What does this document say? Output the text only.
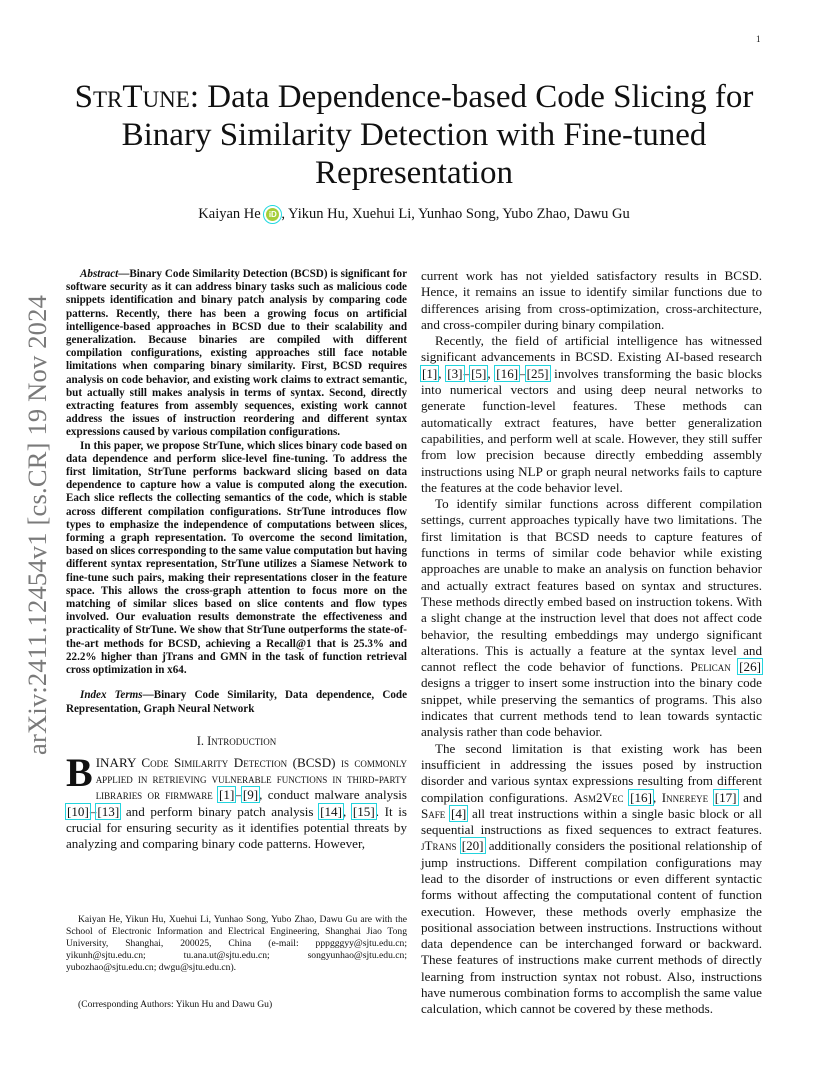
1
arXiv:2411.12454v1 [cs.CR] 19 Nov 2024
StrTune: Data Dependence-based Code Slicing for Binary Similarity Detection with Fine-tuned Representation
Kaiyan He iD , Yikun Hu, Xuehui Li, Yunhao Song, Yubo Zhao, Dawu Gu

Abstract—Binary Code Similarity Detection (BCSD) is significant for software security as it can address binary tasks such as malicious code snippets identification and binary patch analysis by comparing code patterns. Recently, there has been a growing focus on artificial intelligence-based approaches in BCSD due to their scalability and generalization. Because binaries are compiled with different compilation configurations, existing approaches still face notable limitations when comparing binary similarity. First, BCSD requires analysis on code behavior, and existing work claims to extract semantic, but actually still makes analysis in terms of syntax. Second, directly extracting features from assembly sequences, existing work cannot address the issues of instruction reordering and different syntax expressions caused by various compilation configurations.

In this paper, we propose StrTune, which slices binary code based on data dependence and perform slice-level fine-tuning. To address the first limitation, StrTune performs backward slicing based on data dependence to capture how a value is computed along the execution. Each slice reflects the collecting semantics of the code, which is stable across different compilation configurations. StrTune introduces flow types to emphasize the independence of computations between slices, forming a graph representation. To overcome the second limitation, based on slices corresponding to the same value computation but having different syntax representation, StrTune utilizes a Siamese Network to fine-tune such pairs, making their representations closer in the feature space. This allows the cross-graph attention to focus more on the matching of similar slices based on slice contents and flow types involved. Our evaluation results demonstrate the effectiveness and practicality of StrTune. We show that StrTune outperforms the state-of-the-art methods for BCSD, achieving a Recall@1 that is 25.3% and 22.2% higher than jTrans and GMN in the task of function retrieval cross optimization in x64.

Index Terms—Binary Code Similarity, Data dependence, Code Representation, Graph Neural Network
I. Introduction
BINARY Code Similarity Detection (BCSD) is commonly applied in retrieving vulnerable functions in third-party libraries or firmware [1]–[9], conduct malware analysis [10]–[13] and perform binary patch analysis [14], [15]. It is crucial for ensuring security as it identifies potential threats by analyzing and comparing binary code patterns. However,

Kaiyan He, Yikun Hu, Xuehui Li, Yunhao Song, Yubo Zhao, Dawu Gu are with the School of Electronic Information and Electrical Engineering, Shanghai Jiao Tong University, Shanghai, 200025, China (e-mail: pppgggyy@sjtu.edu.cn; yikunh@sjtu.edu.cn; tu.ana.ut@sjtu.edu.cn; songyunhao@sjtu.edu.cn; yubozhao@sjtu.edu.cn; dwgu@sjtu.edu.cn).

(Corresponding Authors: Yikun Hu and Dawu Gu)

current work has not yielded satisfactory results in BCSD. Hence, it remains an issue to identify similar functions due to differences arising from cross-optimization, cross-architecture, and cross-compiler during binary compilation.

Recently, the field of artificial intelligence has witnessed significant advancements in BCSD. Existing AI-based research [1], [3]–[5], [16]–[25] involves transforming the basic blocks into numerical vectors and using deep neural networks to generate function-level features. These methods can automatically extract features, have better generalization capabilities, and perform well at scale. However, they still suffer from low precision because directly embedding assembly instructions using NLP or graph neural networks fails to capture the features at the code behavior level.

To identify similar functions across different compilation settings, current approaches typically have two limitations. The first limitation is that BCSD needs to capture features of functions in terms of similar code behavior while existing approaches are unable to make an analysis on function behavior and actually extract features based on syntax and structures. These methods directly embed based on instruction tokens. With a slight change at the instruction level that does not affect code behavior, the resulting embeddings may undergo significant alterations. This is actually a feature at the syntax level and cannot reflect the code behavior of functions. Pelican [26] designs a trigger to insert some instruction into the binary code snippet, while preserving the semantics of programs. This also indicates that current methods tend to lean towards syntactic analysis rather than code behavior.

The second limitation is that existing work has been insufficient in addressing the issues posed by instruction disorder and various syntax expressions resulting from different compilation configurations. Asm2Vec [16], Innereye [17] and Safe [4] all treat instructions within a single basic block or all sequential instructions as fixed sequences to extract features. jTrans [20] additionally considers the positional relationship of jump instructions. Different compilation configurations may lead to the disorder of instructions or even different syntactic forms without affecting the computational content of function execution. However, these methods overly emphasize the positional association between instructions. Instructions without data dependence can be interchanged forward or backward. These features of instructions make current methods of directly learning from instruction syntax not robust. Also, instructions have numerous combination forms to accomplish the same value calculation, which cannot be covered by these methods.
